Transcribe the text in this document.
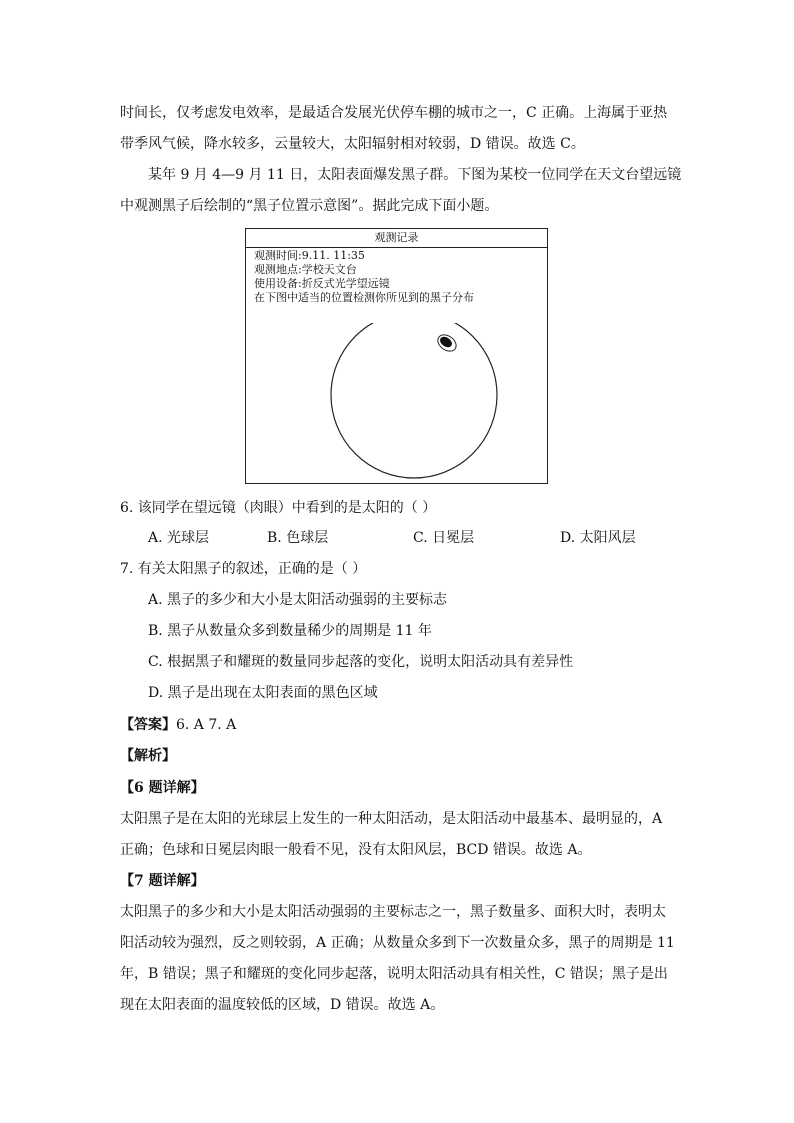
时间长，仅考虑发电效率，是最适合发展光伏停车棚的城市之一，C 正确。上海属于亚热
带季风气候，降水较多，云量较大，太阳辐射相对较弱，D 错误。故选 C。
某年 9 月 4—9 月 11 日，太阳表面爆发黑子群。下图为某校一位同学在天文台望远镜
中观测黑子后绘制的“黑子位置示意图”。据此完成下面小题。
观测记录
观测时间:9.11. 11:35
观测地点:学校天文台
使用设备:折反式光学望远镜
在下图中适当的位置检测你所见到的黑子分布
6. 该同学在望远镜（肉眼）中看到的是太阳的（ ）
A. 光球层	B. 色球层	C. 日冕层	D. 太阳风层
7. 有关太阳黑子的叙述，正确的是（ ）
A. 黑子的多少和大小是太阳活动强弱的主要标志
B. 黑子从数量众多到数量稀少的周期是 11 年
C. 根据黑子和耀斑的数量同步起落的变化，说明太阳活动具有差异性
D. 黑子是出现在太阳表面的黑色区域
【答案】6. A 7. A
【解析】
【6 题详解】
太阳黑子是在太阳的光球层上发生的一种太阳活动，是太阳活动中最基本、最明显的，A
正确；色球和日冕层肉眼一般看不见，没有太阳风层，BCD 错误。故选 A。
【7 题详解】
太阳黑子的多少和大小是太阳活动强弱的主要标志之一，黑子数量多、面积大时，表明太
阳活动较为强烈，反之则较弱，A 正确；从数量众多到下一次数量众多，黑子的周期是 11
年，B 错误；黑子和耀斑的变化同步起落，说明太阳活动具有相关性，C 错误；黑子是出
现在太阳表面的温度较低的区域，D 错误。故选 A。
